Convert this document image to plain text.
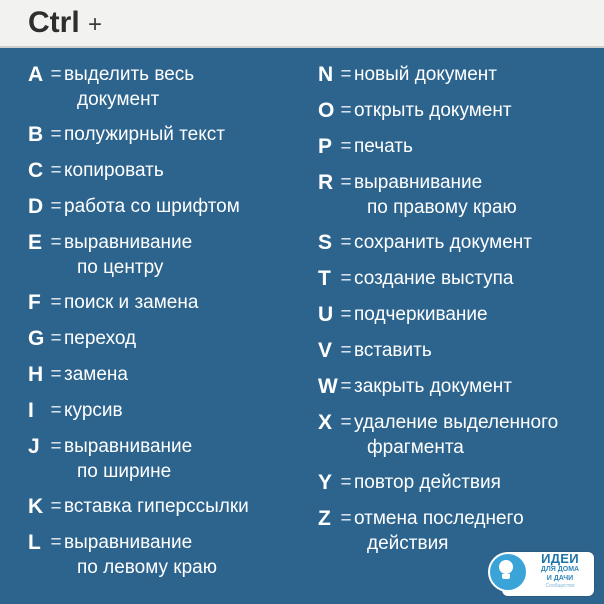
Ctrl +
A = выделить весь
документ
B = полужирный текст
C = копировать
D = работа со шрифтом
E = выравнивание
по центру
F = поиск и замена
G = переход
H = замена
I = курсив
J = выравнивание
по ширине
K = вставка гиперссылки
L = выравнивание
по левому краю
N = новый документ
O = открыть документ
P = печать
R = выравнивание
по правому краю
S = сохранить документ
T = создание выступа
U = подчеркивание
V = вставить
W = закрыть документ
X = удаление выделенного
фрагмента
Y = повтор действия
Z = отмена последнего
действия
ИДЕИ
ДЛЯ ДОМА
И ДАЧИ
Сообщество
